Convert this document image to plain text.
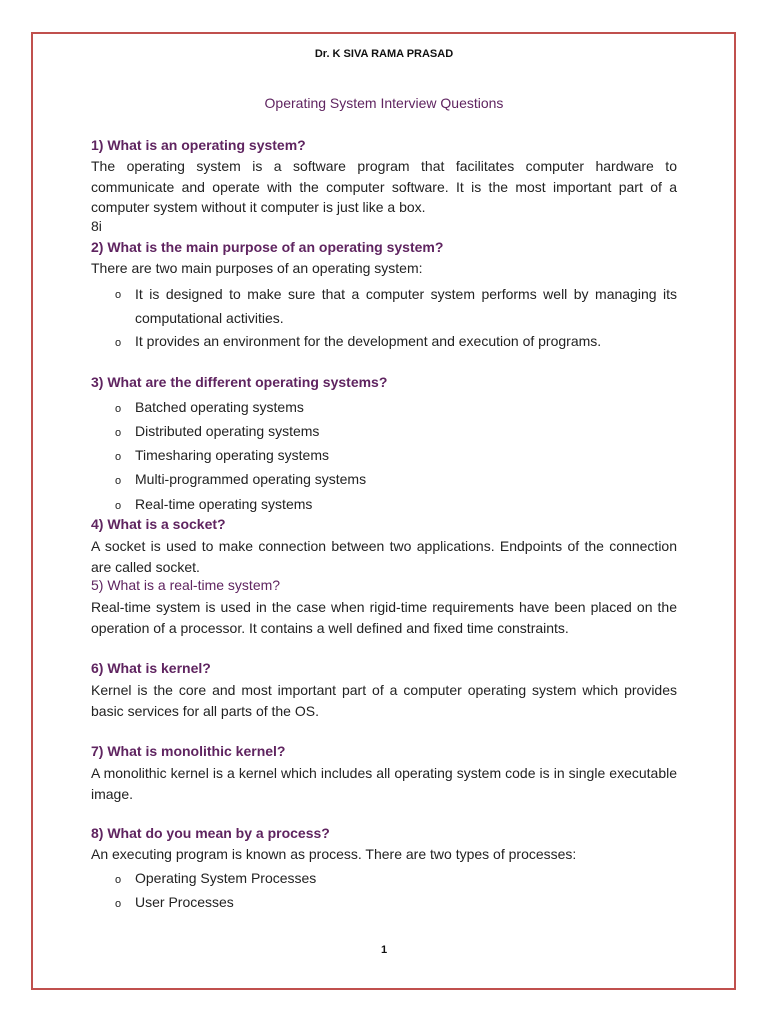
Dr. K SIVA RAMA PRASAD
Operating System Interview Questions
1) What is an operating system?
The operating system is a software program that facilitates computer hardware to communicate and operate with the computer software. It is the most important part of a computer system without it computer is just like a box.
8i
2) What is the main purpose of an operating system?
There are two main purposes of an operating system:
o It is designed to make sure that a computer system performs well by managing its computational activities.
o It provides an environment for the development and execution of programs.
3) What are the different operating systems?
o Batched operating systems
o Distributed operating systems
o Timesharing operating systems
o Multi-programmed operating systems
o Real-time operating systems
4) What is a socket?
A socket is used to make connection between two applications. Endpoints of the connection are called socket.
5) What is a real-time system?
Real-time system is used in the case when rigid-time requirements have been placed on the operation of a processor. It contains a well defined and fixed time constraints.
6) What is kernel?
Kernel is the core and most important part of a computer operating system which provides basic services for all parts of the OS.
7) What is monolithic kernel?
A monolithic kernel is a kernel which includes all operating system code is in single executable image.
8) What do you mean by a process?
An executing program is known as process. There are two types of processes:
o Operating System Processes
o User Processes
1
